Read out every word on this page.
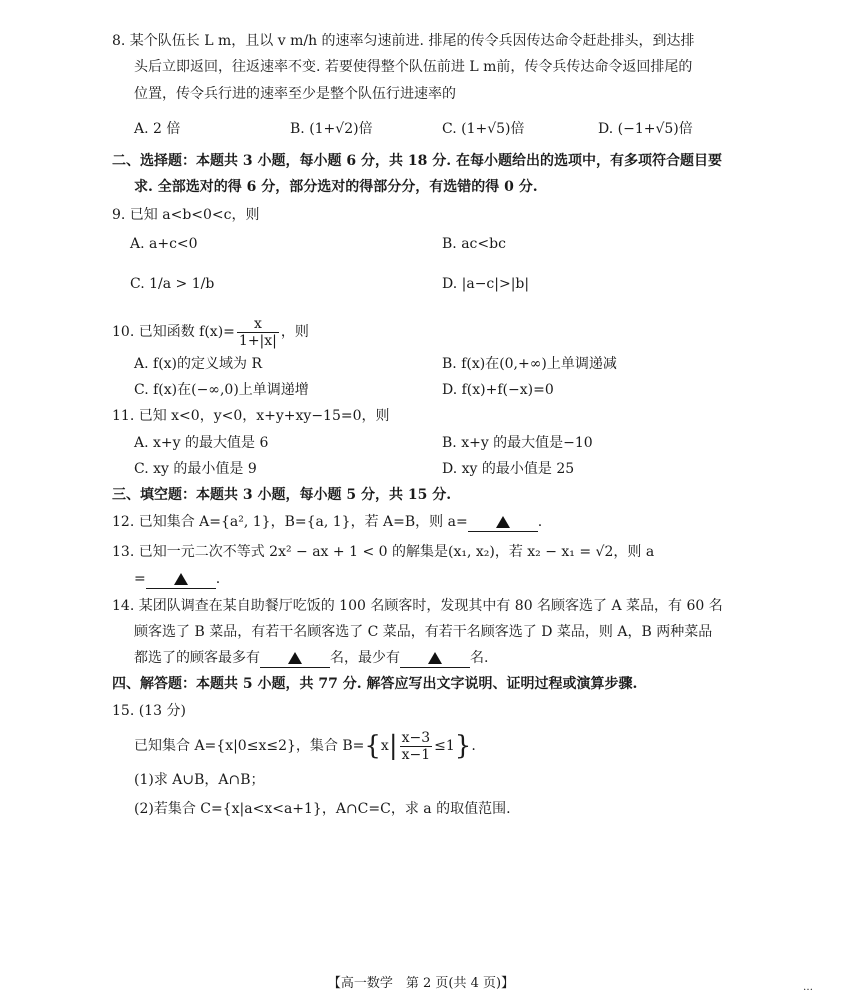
8. 某个队伍长 L m，且以 v m/h 的速率匀速前进. 排尾的传令兵因传达命令赶赴排头，到达排
头后立即返回，往返速率不变. 若要使得整个队伍前进 L m前，传令兵传达命令返回排尾的
位置，传令兵行进的速率至少是整个队伍行进速率的
A. 2 倍	B. (1+√2)倍	C. (1+√5)倍	D. (−1+√5)倍
二、选择题：本题共 3 小题，每小题 6 分，共 18 分. 在每小题给出的选项中，有多项符合题目要
求. 全部选对的得 6 分，部分选对的得部分分，有选错的得 0 分.
9. 已知 a<b<0<c，则
A. a+c<0	B. ac<bc
C. 1/a > 1/b	D. |a−c|>|b|
10. 已知函数 $f(x)= \frac{x}{1+|x|}$ ，则
A. f(x)的定义域为 R	B. f(x)在(0,+∞)上单调递减
C. f(x)在(−∞,0)上单调递增	D. f(x)+f(−x)=0
11. 已知 x<0，y<0，x+y+xy−15=0，则
A. x+y 的最大值是 6	B. x+y 的最大值是−10
C. xy 的最小值是 9	D. xy 的最小值是 25
三、填空题：本题共 3 小题，每小题 5 分，共 15 分.
12. 已知集合 A={a², 1}，B={a, 1}，若 A=B，则 a=	.
13. 已知一元二次不等式 2x² − ax + 1 < 0 的解集是(x₁, x₂)，若 x₂ − x₁ = √2，则 a
=	.
14. 某团队调查在某自助餐厅吃饭的 100 名顾客时，发现其中有 80 名顾客选了 A 菜品，有 60 名
顾客选了 B 菜品，有若干名顾客选了 C 菜品，有若干名顾客选了 D 菜品，则 A，B 两种菜品
都选了的顾客最多有	名，最少有	名.
四、解答题：本题共 5 小题，共 77 分. 解答应写出文字说明、证明过程或演算步骤.
15. (13 分)
已知集合 A={x|0≤x≤2}，集合 $B=\{x| \frac{x-3}{x-1} \le 1\}$.
(1)求 A∪B，A∩B；
(2)若集合 C={x|a<x<a+1}，A∩C=C，求 a 的取值范围.
【高一数学　第 2 页(共 4 页)】	…
